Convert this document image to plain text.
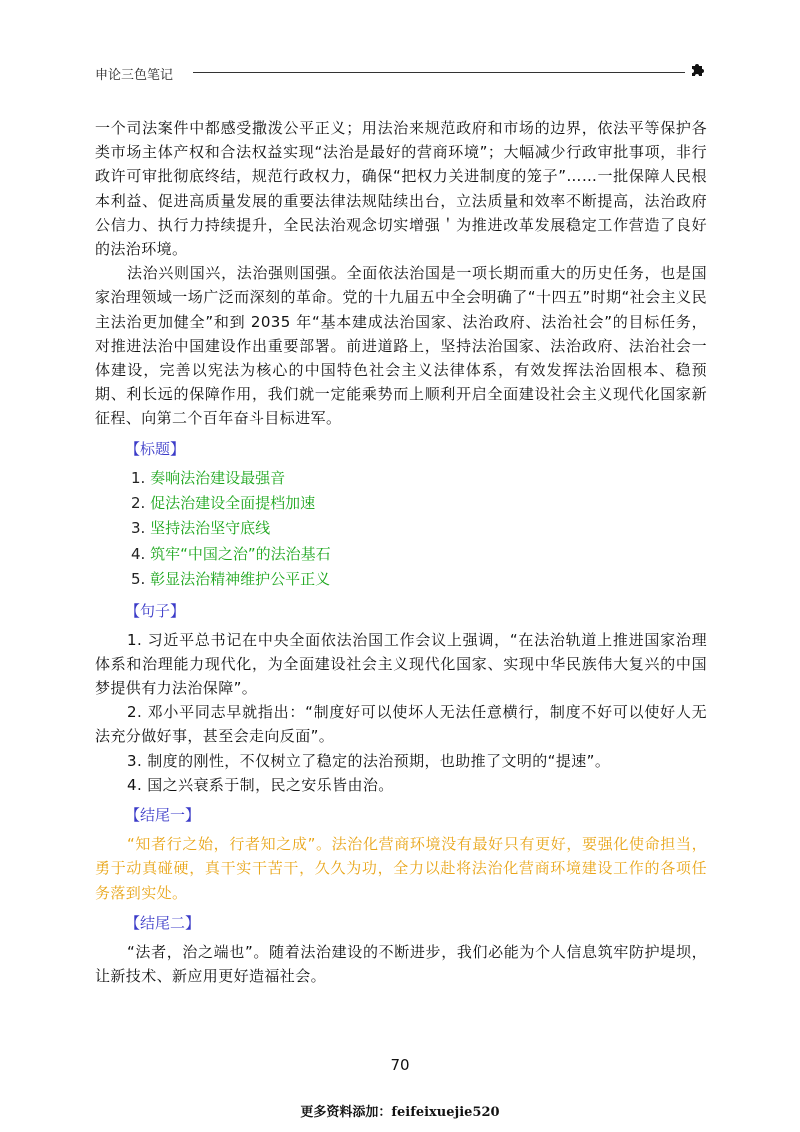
申论三色笔记

一个司法案件中都感受撒泼公平正义；用法治来规范政府和市场的边界，依法平等保护各类市场主体产权和合法权益实现“法治是最好的营商环境”；大幅减少行政审批事项，非行政许可审批彻底终结，规范行政权力，确保“把权力关进制度的笼子”……一批保障人民根本利益、促进高质量发展的重要法律法规陆续出台，立法质量和效率不断提高，法治政府公信力、执行力持续提升，全民法治观念切实增强＇为推进改革发展稳定工作营造了良好的法治环境。

法治兴则国兴，法治强则国强。全面依法治国是一项长期而重大的历史任务，也是国家治理领域一场广泛而深刻的革命。党的十九届五中全会明确了“十四五”时期“社会主义民主法治更加健全”和到 2035 年“基本建成法治国家、法治政府、法治社会”的目标任务，对推进法治中国建设作出重要部署。前进道路上，坚持法治国家、法治政府、法治社会一体建设，完善以宪法为核心的中国特色社会主义法律体系，有效发挥法治固根本、稳预期、利长远的保障作用，我们就一定能乘势而上顺利开启全面建设社会主义现代化国家新征程、向第二个百年奋斗目标进军。

【标题】
1. 奏响法治建设最强音
2. 促法治建设全面提档加速
3. 坚持法治坚守底线
4. 筑牢“中国之治”的法治基石
5. 彰显法治精神维护公平正义
【句子】

1. 习近平总书记在中央全面依法治国工作会议上强调，“在法治轨道上推进国家治理体系和治理能力现代化，为全面建设社会主义现代化国家、实现中华民族伟大复兴的中国梦提供有力法治保障”。

2. 邓小平同志早就指出：“制度好可以使坏人无法任意横行，制度不好可以使好人无法充分做好事，甚至会走向反面”。

3. 制度的刚性，不仅树立了稳定的法治预期，也助推了文明的“提速”。

4. 国之兴衰系于制，民之安乐皆由治。

【结尾一】

“知者行之始，行者知之成”。法治化营商环境没有最好只有更好，要强化使命担当，勇于动真碰硬，真干实干苦干，久久为功，全力以赴将法治化营商环境建设工作的各项任务落到实处。

【结尾二】

“法者，治之端也”。随着法治建设的不断进步，我们必能为个人信息筑牢防护堤坝，让新技术、新应用更好造福社会。

70
更多资料添加：feifeixuejie520
